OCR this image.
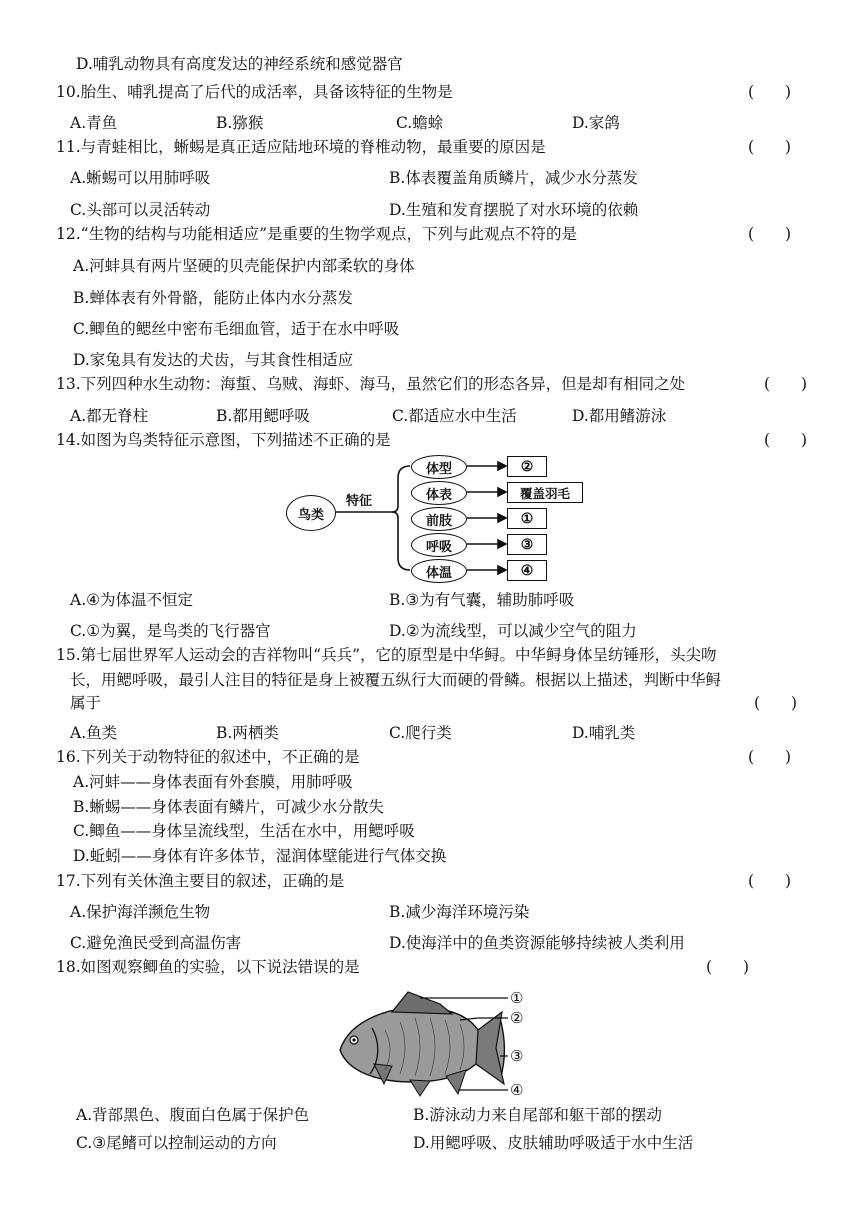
D.哺乳动物具有高度发达的神经系统和感觉器官
10.胎生、哺乳提高了后代的成活率，具备该特征的生物是	(　　)
A.青鱼	B.猕猴	C.蟾蜍	D.家鸽
11.与青蛙相比，蜥蜴是真正适应陆地环境的脊椎动物，最重要的原因是	(　　)
A.蜥蜴可以用肺呼吸	B.体表覆盖角质鳞片，减少水分蒸发
C.头部可以灵活转动	D.生殖和发育摆脱了对水环境的依赖
12.“生物的结构与功能相适应”是重要的生物学观点，下列与此观点不符的是	(　　)
A.河蚌具有两片坚硬的贝壳能保护内部柔软的身体
B.蝉体表有外骨骼，能防止体内水分蒸发
C.鲫鱼的鳃丝中密布毛细血管，适于在水中呼吸
D.家兔具有发达的犬齿，与其食性相适应
13.下列四种水生动物：海蜇、乌贼、海虾、海马，虽然它们的形态各异，但是却有相同之处	(　　)
A.都无脊柱	B.都用鳃呼吸	C.都适应水中生活	D.都用鳍游泳
14.如图为鸟类特征示意图，下列描述不正确的是	(　　)
鸟类
特征
体型
体表
前肢
呼吸
体温
②
覆盖羽毛
①
③
④
A.④为体温不恒定	B.③为有气囊，辅助肺呼吸
C.①为翼，是鸟类的飞行器官	D.②为流线型，可以减少空气的阻力
15.第七届世界军人运动会的吉祥物叫“兵兵”，它的原型是中华鲟。中华鲟身体呈纺锤形，头尖吻
长，用鳃呼吸，最引人注目的特征是身上被覆五纵行大而硬的骨鳞。根据以上描述，判断中华鲟
属于	(　　)
A.鱼类	B.两栖类	C.爬行类	D.哺乳类
16.下列关于动物特征的叙述中，不正确的是	(　　)
A.河蚌——身体表面有外套膜，用肺呼吸
B.蜥蜴——身体表面有鳞片，可减少水分散失
C.鲫鱼——身体呈流线型，生活在水中，用鳃呼吸
D.蚯蚓——身体有许多体节，湿润体壁能进行气体交换
17.下列有关休渔主要目的叙述，正确的是	(　　)
A.保护海洋濒危生物	B.减少海洋环境污染
C.避免渔民受到高温伤害	D.使海洋中的鱼类资源能够持续被人类利用
18.如图观察鲫鱼的实验，以下说法错误的是	(　　)
①
②
③
④
A.背部黑色、腹面白色属于保护色	B.游泳动力来自尾部和躯干部的摆动
C.③尾鳍可以控制运动的方向	D.用鳃呼吸、皮肤辅助呼吸适于水中生活
